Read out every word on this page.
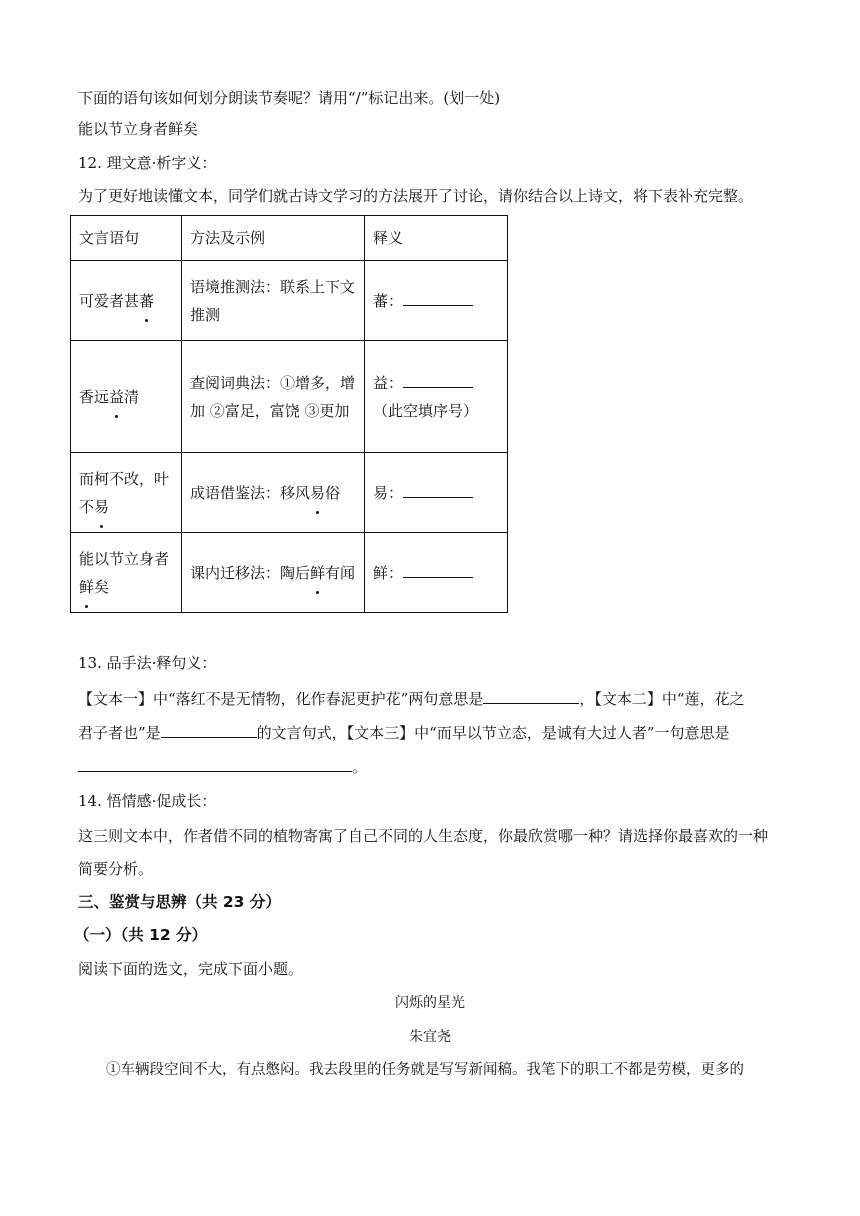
下面的语句该如何划分朗读节奏呢？请用“/”标记出来。(划一处)
能以节立身者鲜矣
12. 理文意·析字义：
为了更好地读懂文本，同学们就古诗文学习的方法展开了讨论，请你结合以上诗文，将下表补充完整。
文言语句	方法及示例	释义
可爱者甚蕃	语境推测法：联系上下文推测	蕃：
香远益清	查阅词典法：①增多，增加 ②富足，富饶 ③更加	益：
（此空填序号）
而柯不改，叶不易	成语借鉴法：移风易俗	易：
能以节立身者鲜矣	课内迁移法：陶后鲜有闻	鲜：
13. 品手法·释句义：
【文本一】中“落红不是无情物，化作春泥更护花”两句意思是	，【文本二】中“莲，花之
君子者也”是	的文言句式，【文本三】中“而早以节立态，是诚有大过人者”一句意思是
。
14. 悟情感·促成长：
这三则文本中，作者借不同的植物寄寓了自己不同的人生态度，你最欣赏哪一种？请选择你最喜欢的一种
简要分析。
三、鉴赏与思辨（共 23 分）
（一）（共 12 分）
阅读下面的选文，完成下面小题。
闪烁的星光
朱宜尧
①车辆段空间不大，有点憋闷。我去段里的任务就是写写新闻稿。我笔下的职工不都是劳模，更多的
